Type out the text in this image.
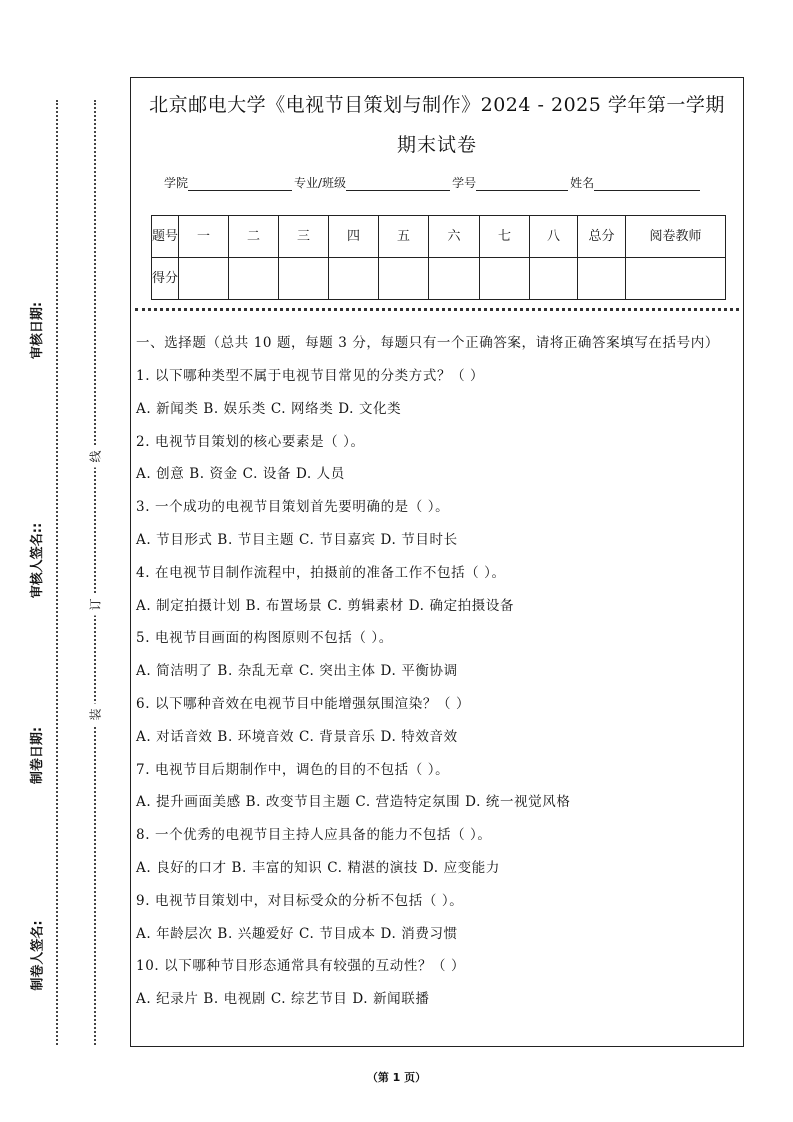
审核日期:
审核人签名::
制卷日期:
制卷人签名:
线
订
装
北京邮电大学《电视节目策划与制作》2024 - 2025 学年第一学期
期末试卷
学院	专业/班级	学号	姓名
题号	一	二	三	四	五	六	七	八	总分	阅卷教师
得分										
一、选择题（总共 10 题，每题 3 分，每题只有一个正确答案，请将正确答案填写在括号内）
1. 以下哪种类型不属于电视节目常见的分类方式？（ ）
A. 新闻类 B. 娱乐类 C. 网络类 D. 文化类
2. 电视节目策划的核心要素是（ ）。
A. 创意 B. 资金 C. 设备 D. 人员
3. 一个成功的电视节目策划首先要明确的是（ ）。
A. 节目形式 B. 节目主题 C. 节目嘉宾 D. 节目时长
4. 在电视节目制作流程中，拍摄前的准备工作不包括（ ）。
A. 制定拍摄计划 B. 布置场景 C. 剪辑素材 D. 确定拍摄设备
5. 电视节目画面的构图原则不包括（ ）。
A. 简洁明了 B. 杂乱无章 C. 突出主体 D. 平衡协调
6. 以下哪种音效在电视节目中能增强氛围渲染？（ ）
A. 对话音效 B. 环境音效 C. 背景音乐 D. 特效音效
7. 电视节目后期制作中，调色的目的不包括（ ）。
A. 提升画面美感 B. 改变节目主题 C. 营造特定氛围 D. 统一视觉风格
8. 一个优秀的电视节目主持人应具备的能力不包括（ ）。
A. 良好的口才 B. 丰富的知识 C. 精湛的演技 D. 应变能力
9. 电视节目策划中，对目标受众的分析不包括（ ）。
A. 年龄层次 B. 兴趣爱好 C. 节目成本 D. 消费习惯
10. 以下哪种节目形态通常具有较强的互动性？（ ）
A. 纪录片 B. 电视剧 C. 综艺节目 D. 新闻联播
（第 1 页）
